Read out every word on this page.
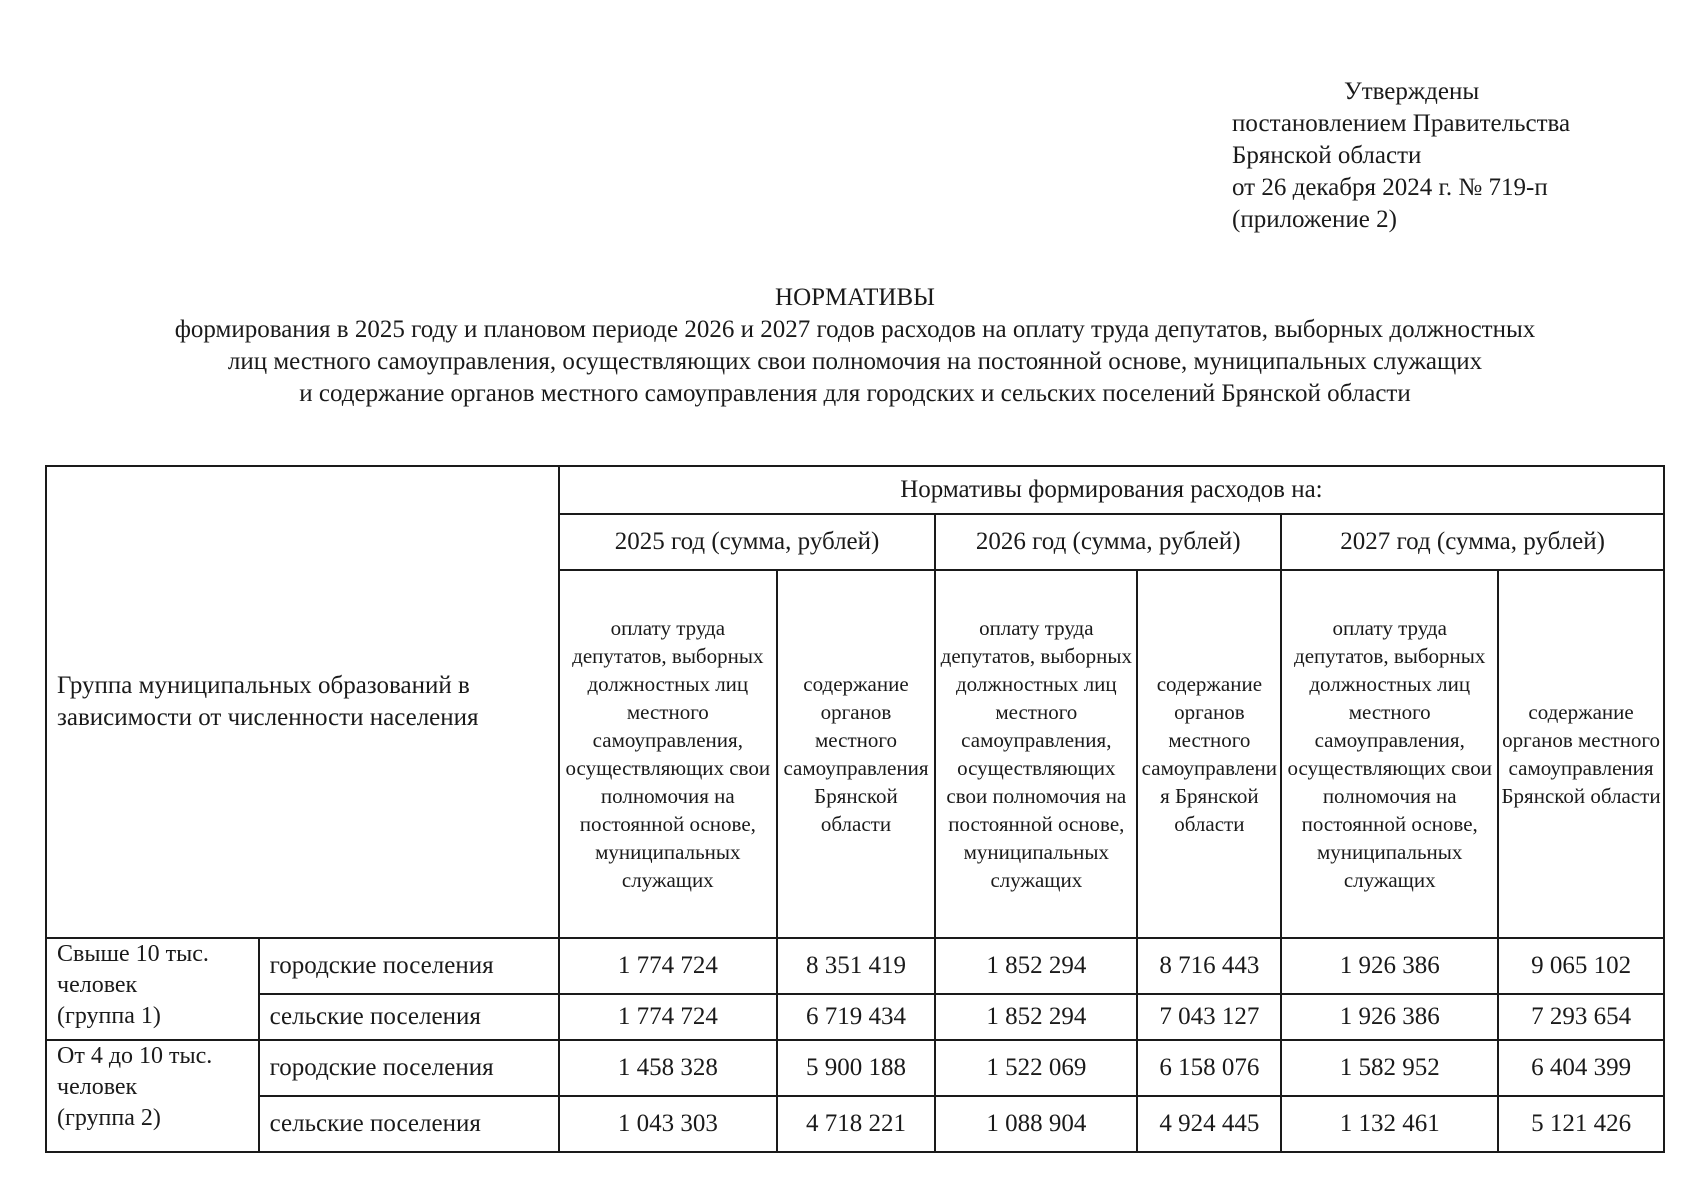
Утверждены
постановлением Правительства
Брянской области
от 26 декабря 2024 г. № 719-п
(приложение 2)
НОРМАТИВЫ
формирования в 2025 году и плановом периоде 2026 и 2027 годов расходов на оплату труда депутатов, выборных должностных
лиц местного самоуправления, осуществляющих свои полномочия на постоянной основе, муниципальных служащих
и содержание органов местного самоуправления для городских и сельских поселений Брянской области
Группа муниципальных образований в
зависимости от численности населения		Нормативы формирования расходов на:					
		2025 год (сумма, рублей)		2026 год (сумма, рублей)		2027 год (сумма, рублей)	
		оплату труда депутатов, выборных должностных лиц местного самоуправления, осуществляющих свои полномочия на постоянной основе, муниципальных служащих	содержание органов местного самоуправления Брянской области	оплату труда депутатов, выборных должностных лиц местного самоуправления, осуществляющих свои полномочия на постоянной основе, муниципальных служащих	содержание органов местного самоуправления Брянской области	оплату труда депутатов, выборных должностных лиц местного самоуправления, осуществляющих свои полномочия на постоянной основе, муниципальных служащих	содержание органов местного самоуправления Брянской области

Свыше 10 тыс.
человек
(группа 1)	городские поселения	1 774 724	8 351 419	1 852 294	8 716 443	1 926 386	9 065 102
	сельские поселения	1 774 724	6 719 434	1 852 294	7 043 127	1 926 386	7 293 654

От 4 до 10 тыс.
человек
(группа 2)	городские поселения	1 458 328	5 900 188	1 522 069	6 158 076	1 582 952	6 404 399
	сельские поселения	1 043 303	4 718 221	1 088 904	4 924 445	1 132 461	5 121 426
